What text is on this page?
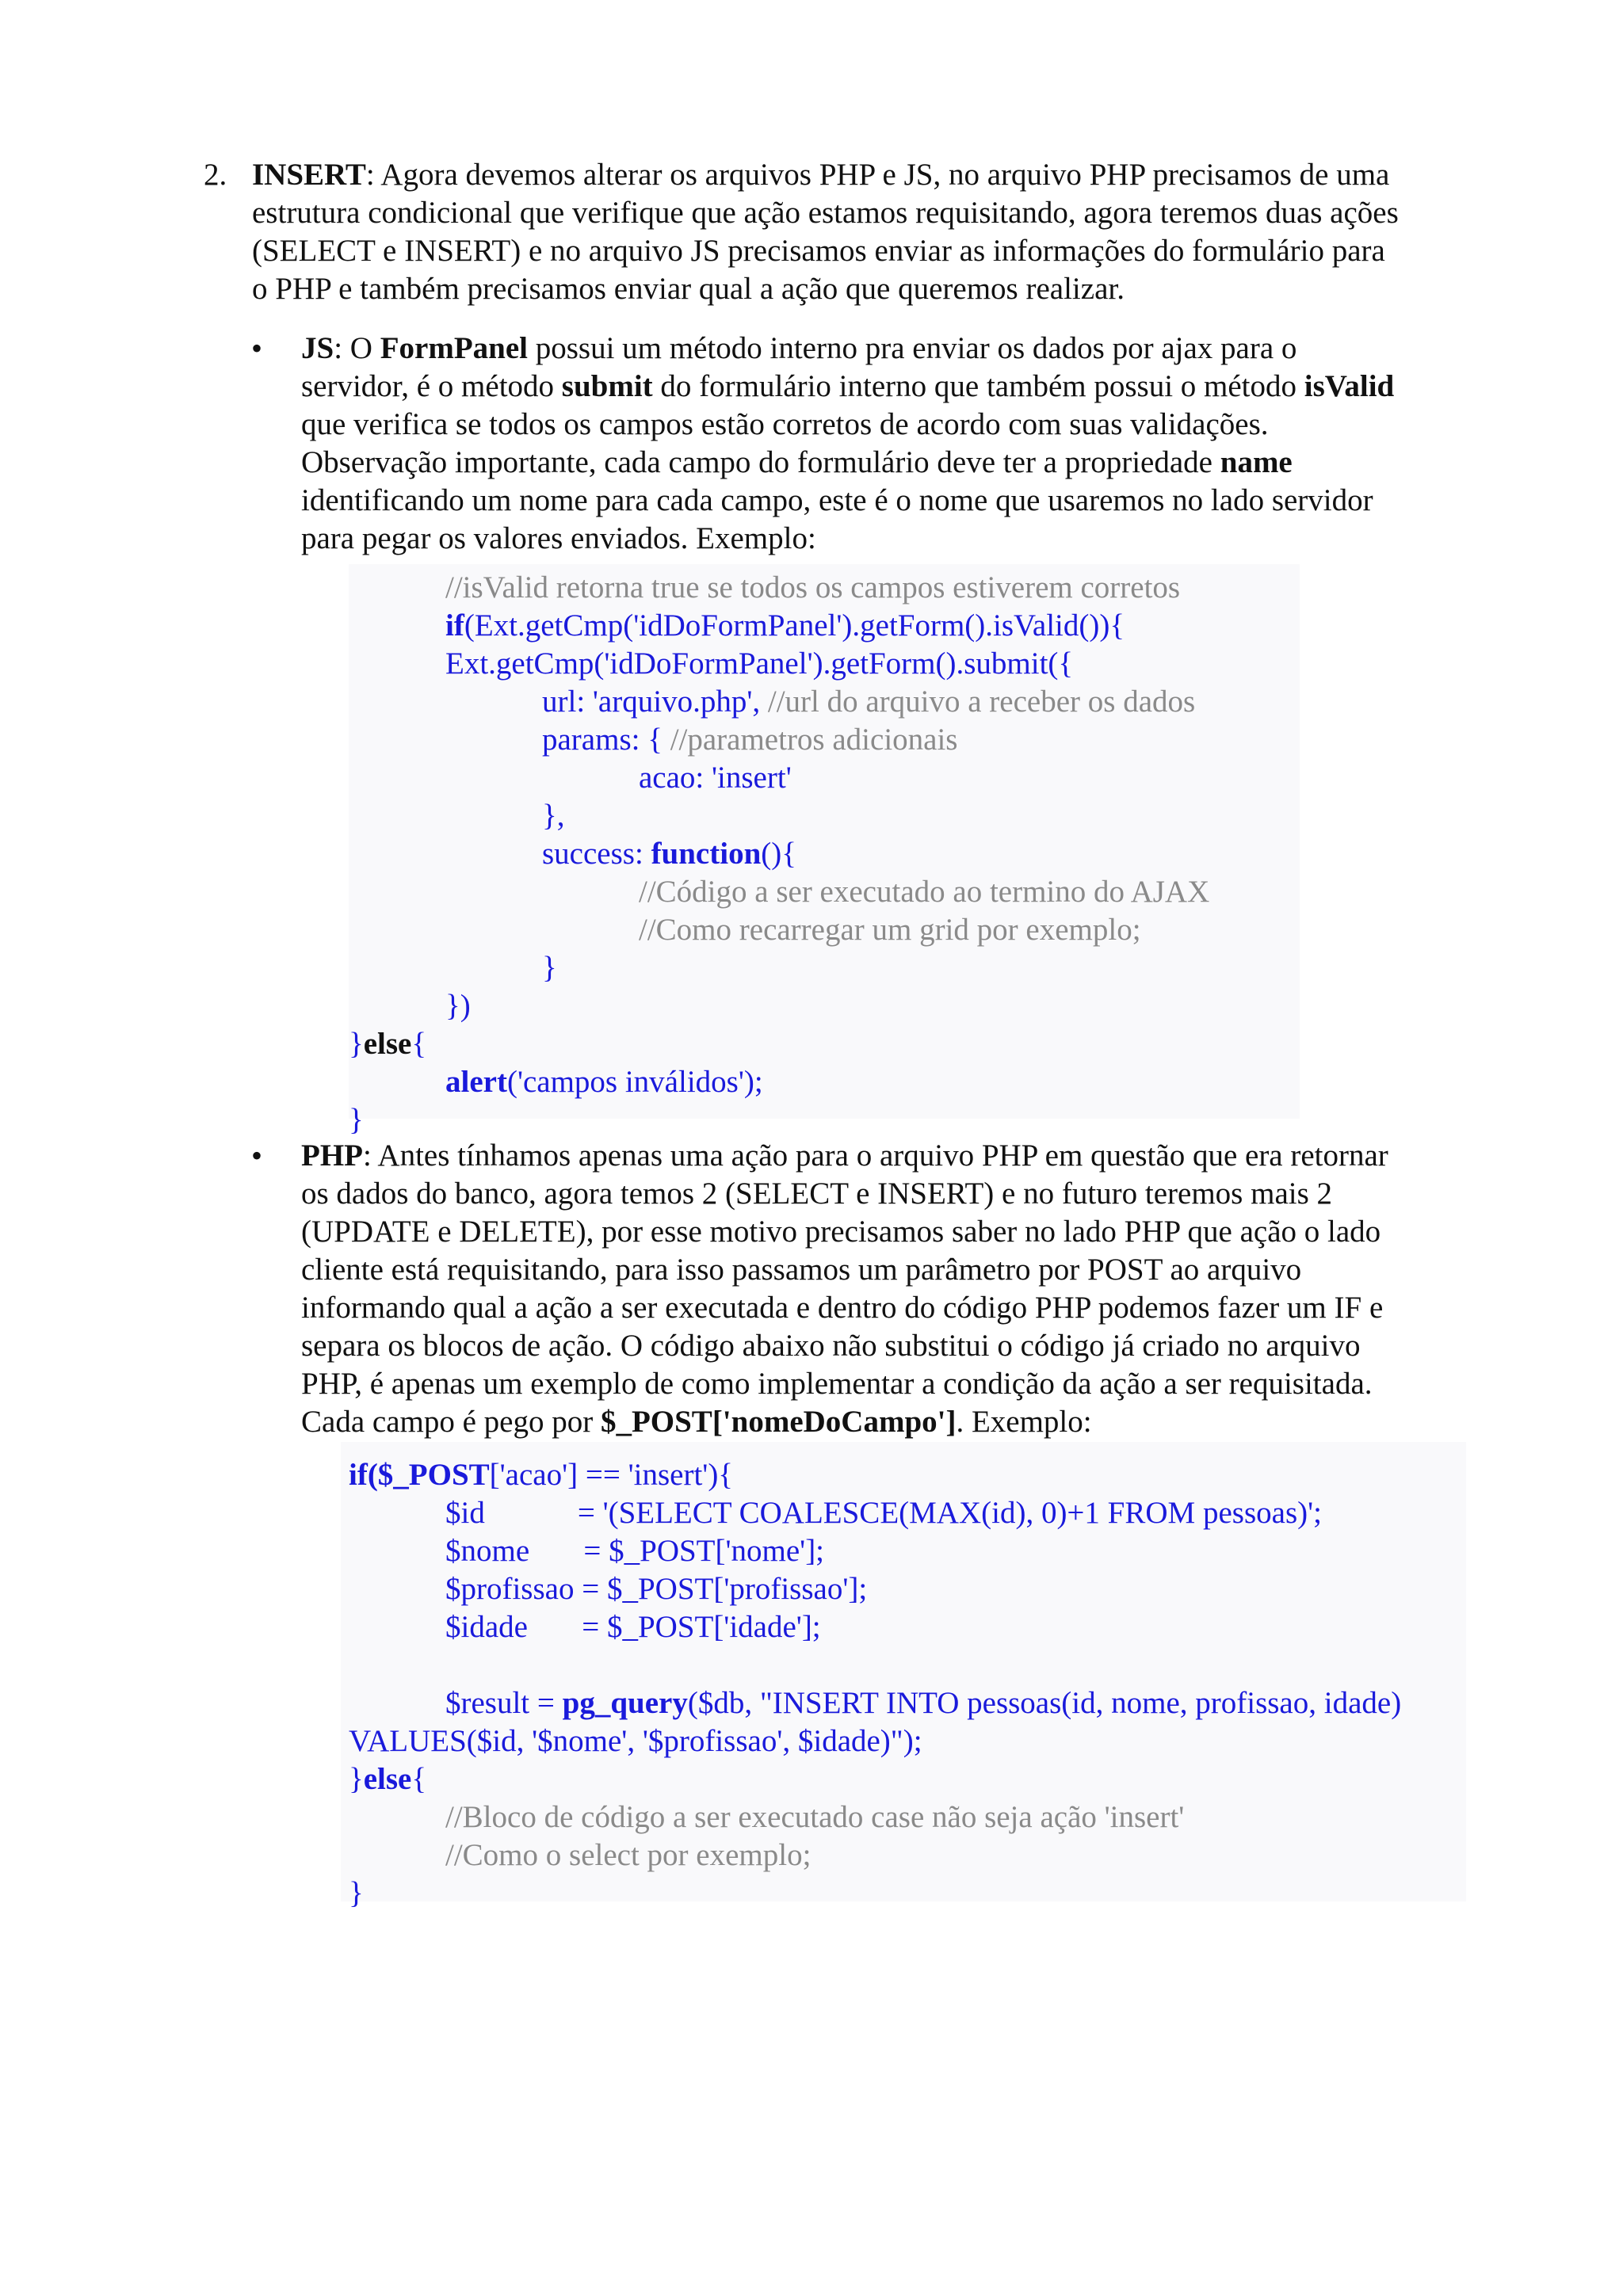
2. INSERT: Agora devemos alterar os arquivos PHP e JS, no arquivo PHP precisamos de uma
estrutura condicional que verifique que ação estamos requisitando, agora teremos duas ações
(SELECT e INSERT) e no arquivo JS precisamos enviar as informações do formulário para
o PHP e também precisamos enviar qual a ação que queremos realizar.
• JS: O FormPanel possui um método interno pra enviar os dados por ajax para o
servidor, é o método submit do formulário interno que também possui o método isValid
que verifica se todos os campos estão corretos de acordo com suas validações.
Observação importante, cada campo do formulário deve ter a propriedade name
identificando um nome para cada campo, este é o nome que usaremos no lado servidor
para pegar os valores enviados. Exemplo:
//isValid retorna true se todos os campos estiverem corretos
if(Ext.getCmp('idDoFormPanel').getForm().isValid()){
Ext.getCmp('idDoFormPanel').getForm().submit({
url: 'arquivo.php', //url do arquivo a receber os dados
params: { //parametros adicionais
acao: 'insert'
},
success: function(){
//Código a ser executado ao termino do AJAX
//Como recarregar um grid por exemplo;
}
})
}else{
alert('campos inválidos');
}
• PHP: Antes tínhamos apenas uma ação para o arquivo PHP em questão que era retornar
os dados do banco, agora temos 2 (SELECT e INSERT) e no futuro teremos mais 2
(UPDATE e DELETE), por esse motivo precisamos saber no lado PHP que ação o lado
cliente está requisitando, para isso passamos um parâmetro por POST ao arquivo
informando qual a ação a ser executada e dentro do código PHP podemos fazer um IF e
separa os blocos de ação. O código abaixo não substitui o código já criado no arquivo
PHP, é apenas um exemplo de como implementar a condição da ação a ser requisitada.
Cada campo é pego por $_POST['nomeDoCampo']. Exemplo:
if($_POST['acao'] == 'insert'){
$id            = '(SELECT COALESCE(MAX(id), 0)+1 FROM pessoas)';
$nome       = $_POST['nome'];
$profissao = $_POST['profissao'];
$idade       = $_POST['idade'];
$result = pg_query($db, "INSERT INTO pessoas(id, nome, profissao, idade)
VALUES($id, '$nome', '$profissao', $idade)");
}else{
//Bloco de código a ser executado case não seja ação 'insert'
//Como o select por exemplo;
}
